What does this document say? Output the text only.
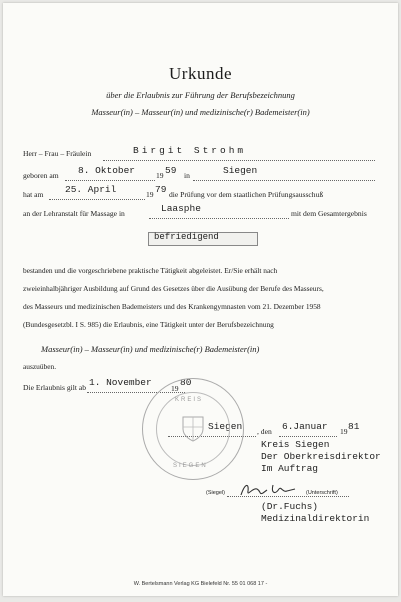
Urkunde
über die Erlaubnis zur Führung der Berufsbezeichnung
Masseur(in) – Masseur(in) und medizinische(r) Bademeister(in)
Herr – Frau – Fräulein	Birgit Strohm
geboren am 8. Oktober	19 59 in	Siegen
hat am 25. April	19 79 die Prüfung vor dem staatlichen Prüfungsausschuß
an der Lehranstalt für Massage in	Laasphe	mit dem Gesamtergebnis
befriedigend
bestanden und die vorgeschriebene praktische Tätigkeit abgeleistet. Er/Sie erhält nach
zweieinhalbjähriger Ausbildung auf Grund des Gesetzes über die Ausübung der Berufe des Masseurs,
des Masseurs und medizinischen Bademeisters und des Krankengymnasten vom 21. Dezember 1958
(Bundesgesetzbl. I S. 985) die Erlaubnis, eine Tätigkeit unter der Berufsbezeichnung
Masseur(in) – Masseur(in) und medizinische(r) Bademeister(in)
auszuüben.
Die Erlaubnis gilt ab 1. November
19
80
Siegen , den 6.Januar 19 81
Kreis Siegen
Der Oberkreisdirektor
Im Auftrag
KREIS
SIEGEN
(Siegel)	(Unterschrift)
(Dr.Fuchs)
Medizinaldirektorin
W. Bertelsmann Verlag KG Bielefeld Nr. 55 01 068 17 -
